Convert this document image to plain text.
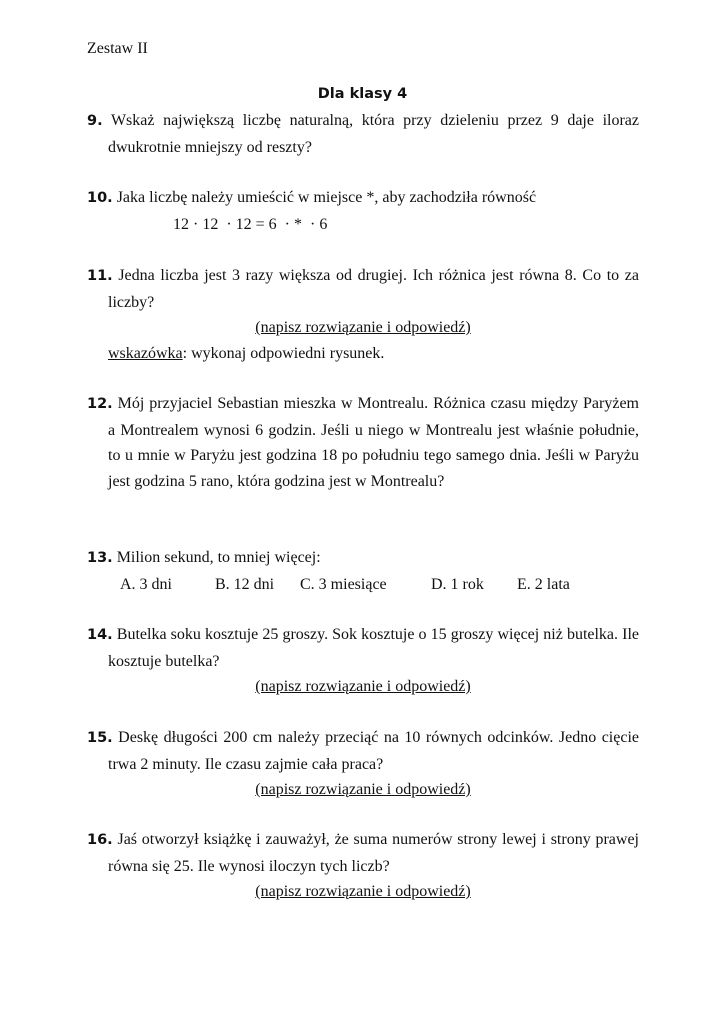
Zestaw II
Dla klasy 4
9. Wskaż największą liczbę naturalną, która przy dzieleniu przez 9 daje iloraz dwukrotnie mniejszy od reszty?
10. Jaka liczbę należy umieścić w miejsce *, aby zachodziła równość
12 · 12  · 12 = 6  · *  · 6
11. Jedna liczba jest 3 razy większa od drugiej. Ich różnica jest równa 8. Co to za liczby?
(napisz rozwiązanie i odpowiedź)
wskazówka: wykonaj odpowiedni rysunek.
12. Mój przyjaciel Sebastian mieszka w Montrealu. Różnica czasu między Paryżem a Montrealem wynosi 6 godzin. Jeśli u niego w Montrealu jest właśnie południe, to u mnie w Paryżu jest godzina 18 po południu tego samego dnia. Jeśli w Paryżu jest godzina 5 rano, która godzina jest w Montrealu?
13. Milion sekund, to mniej więcej:
A. 3 dni	B. 12 dni C. 3 miesiące	D. 1 rok E. 2 lata
14. Butelka soku kosztuje 25 groszy. Sok kosztuje o 15 groszy więcej niż butelka. Ile kosztuje butelka?
(napisz rozwiązanie i odpowiedź)
15. Deskę długości 200 cm należy przeciąć na 10 równych odcinków. Jedno cięcie trwa 2 minuty. Ile czasu zajmie cała praca?
(napisz rozwiązanie i odpowiedź)
16. Jaś otworzył książkę i zauważył, że suma numerów strony lewej i strony prawej równa się 25. Ile wynosi iloczyn tych liczb?
(napisz rozwiązanie i odpowiedź)
